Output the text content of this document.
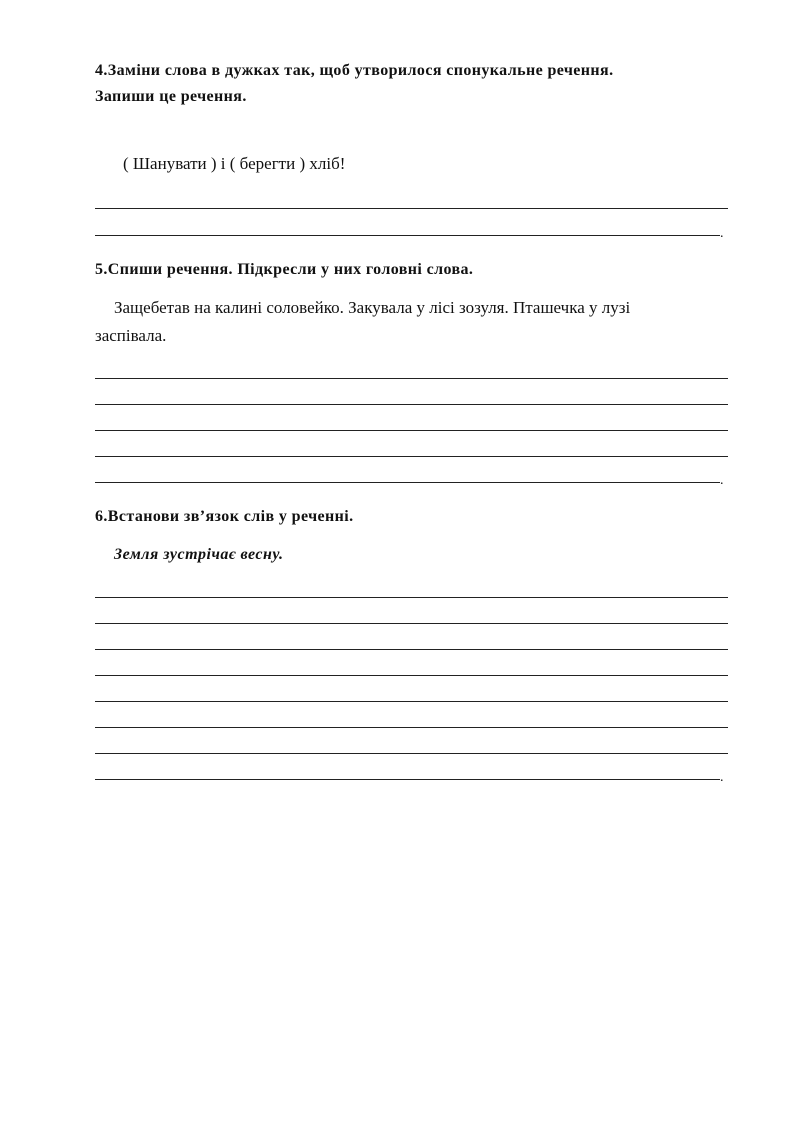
4.Заміни слова в дужках так, щоб утворилося спонукальне речення.

Запиши це речення.

( Шанувати ) і ( берегти ) хліб!

.

5.Спиши речення. Підкресли у них головні слова.

Защебетав на калині соловейко. Закувала у лісі зозуля. Пташечка у лузі

заспівала.

.

6.Встанови зв’язок слів у реченні.

Земля зустрічає весну.

.
